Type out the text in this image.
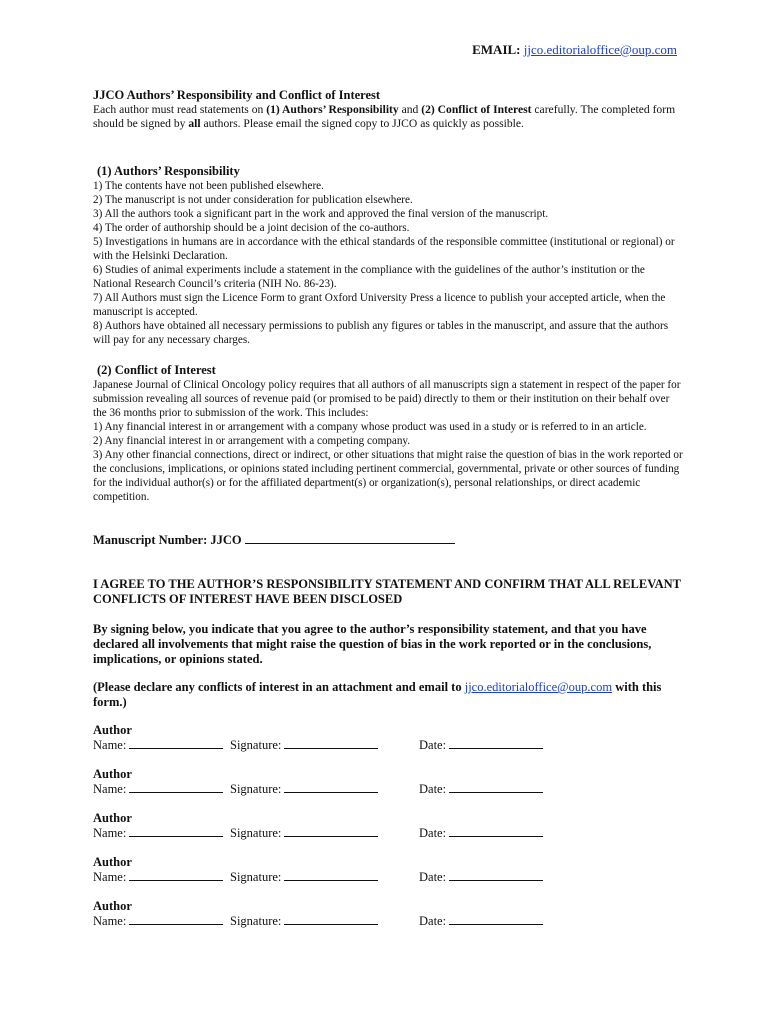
EMAIL: jjco.editorialoffice@oup.com
JJCO Authors’ Responsibility and Conflict of Interest

Each author must read statements on (1) Authors’ Responsibility and (2) Conflict of Interest carefully. The completed form should be signed by all authors. Please email the signed copy to JJCO as quickly as possible.

(1) Authors’ Responsibility

1) The contents have not been published elsewhere.

2) The manuscript is not under consideration for publication elsewhere.

3) All the authors took a significant part in the work and approved the final version of the manuscript.

4) The order of authorship should be a joint decision of the co-authors.

5) Investigations in humans are in accordance with the ethical standards of the responsible committee (institutional or regional) or with the Helsinki Declaration.

6) Studies of animal experiments include a statement in the compliance with the guidelines of the author’s institution or the National Research Council’s criteria (NIH No. 86-23).

7) All Authors must sign the Licence Form to grant Oxford University Press a licence to publish your accepted article, when the manuscript is accepted.

8) Authors have obtained all necessary permissions to publish any figures or tables in the manuscript, and assure that the authors will pay for any necessary charges.

(2) Conflict of Interest

Japanese Journal of Clinical Oncology policy requires that all authors of all manuscripts sign a statement in respect of the paper for submission revealing all sources of revenue paid (or promised to be paid) directly to them or their institution on their behalf over the 36 months prior to submission of the work. This includes:

1) Any financial interest in or arrangement with a company whose product was used in a study or is referred to in an article.

2) Any financial interest in or arrangement with a competing company.

3) Any other financial connections, direct or indirect, or other situations that might raise the question of bias in the work reported or the conclusions, implications, or opinions stated including pertinent commercial, governmental, private or other sources of funding for the individual author(s) or for the affiliated department(s) or organization(s), personal relationships, or direct academic competition.

Manuscript Number: JJCO
I AGREE TO THE AUTHOR’S RESPONSIBILITY STATEMENT AND CONFIRM THAT ALL RELEVANT CONFLICTS OF INTEREST HAVE BEEN DISCLOSED
By signing below, you indicate that you agree to the author’s responsibility statement, and that you have declared all involvements that might raise the question of bias in the work reported or in the conclusions, implications, or opinions stated.
(Please declare any conflicts of interest in an attachment and email to jjco.editorialoffice@oup.com with this form.)
Author
Name:	Signature:	Date:
Author
Name:	Signature:	Date:
Author
Name:	Signature:	Date:
Author
Name:	Signature:	Date:
Author
Name:	Signature:	Date:
